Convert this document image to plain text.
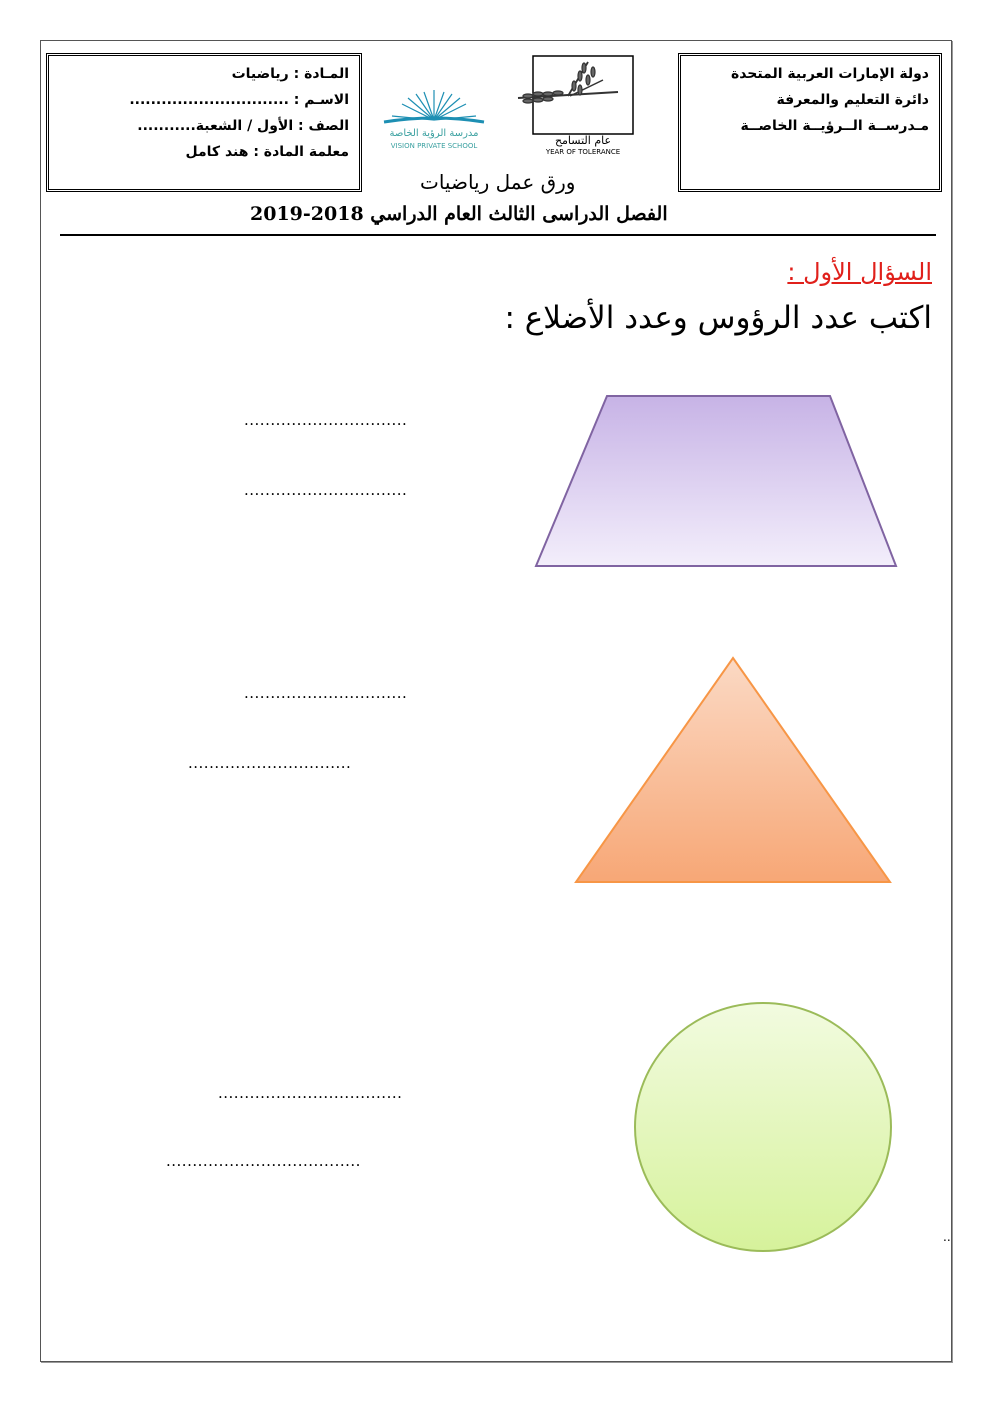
دولة الإمارات العربية المتحدة
دائرة التعليم والمعرفة
مـدرســة الــرؤيــة الخاصــة
المـادة : رياضيات
الاسـم : ..............................
الصف : الأول / الشعبة...........
معلمة المادة : هند كامل
مدرسة الرؤية الخاصة
VISION PRIVATE SCHOOL	عام التسامح
YEAR OF TOLERANCE
ورق عمل رياضيات
الفصل الدراسى الثالث العام الدراسي 2018-2019
السؤال الأول :
اكتب عدد الرؤوس وعدد الأضلاع :
...............................
...............................
...............................
...............................
...................................
.....................................
..
